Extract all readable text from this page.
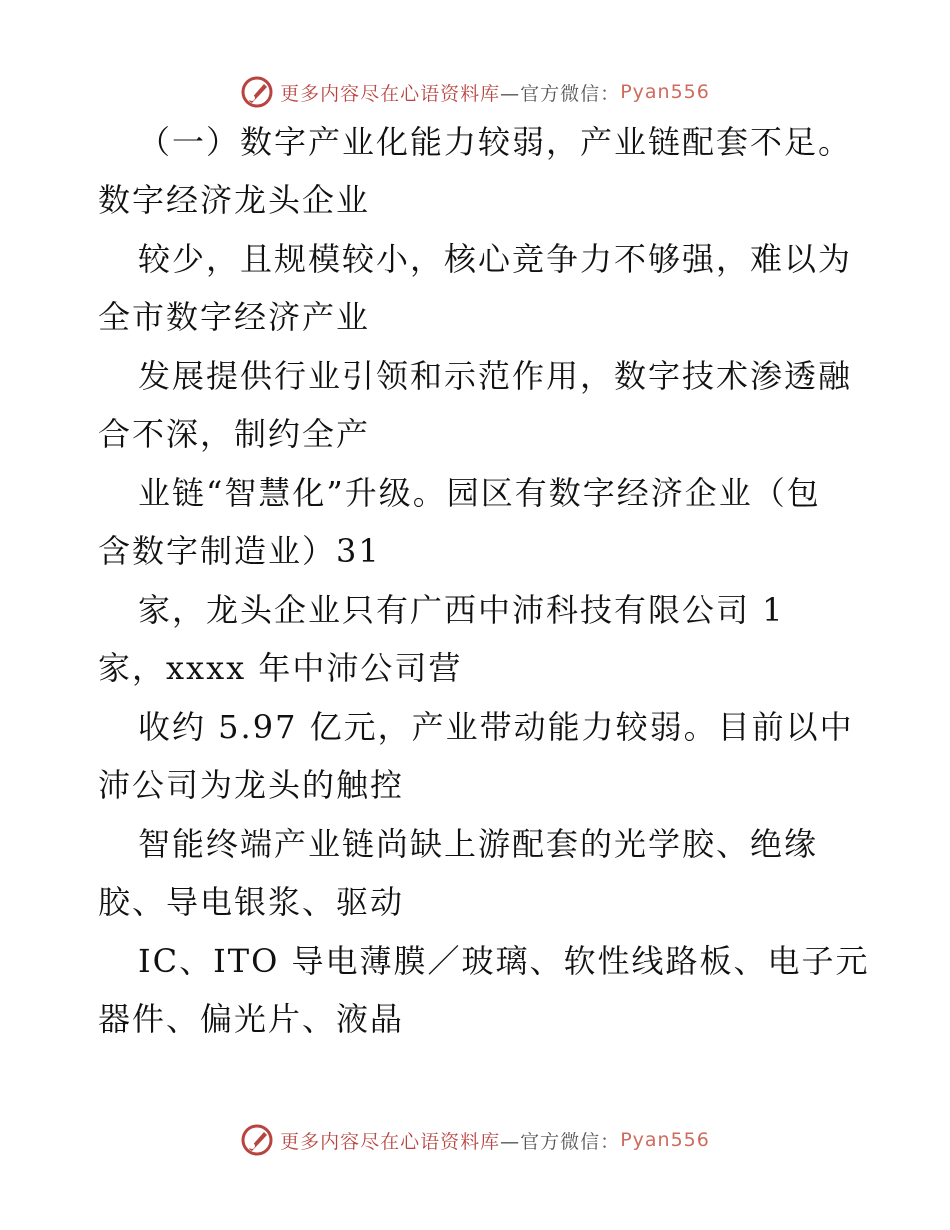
更多内容尽在心语资料库 —官方微信： Pyan556
（一）数字产业化能力较弱，产业链配套不足。
数字经济龙头企业
较少，且规模较小，核心竞争力不够强，难以为
全市数字经济产业
发展提供行业引领和示范作用，数字技术渗透融
合不深，制约全产
业链“智慧化”升级。园区有数字经济企业（包
含数字制造业）31
家，龙头企业只有广西中沛科技有限公司 1
家，xxxx 年中沛公司营
收约 5.97 亿元，产业带动能力较弱。目前以中
沛公司为龙头的触控
智能终端产业链尚缺上游配套的光学胶、绝缘
胶、导电银浆、驱动
IC、ITO 导电薄膜／玻璃、软性线路板、电子元
器件、偏光片、液晶
更多内容尽在心语资料库 —官方微信： Pyan556
